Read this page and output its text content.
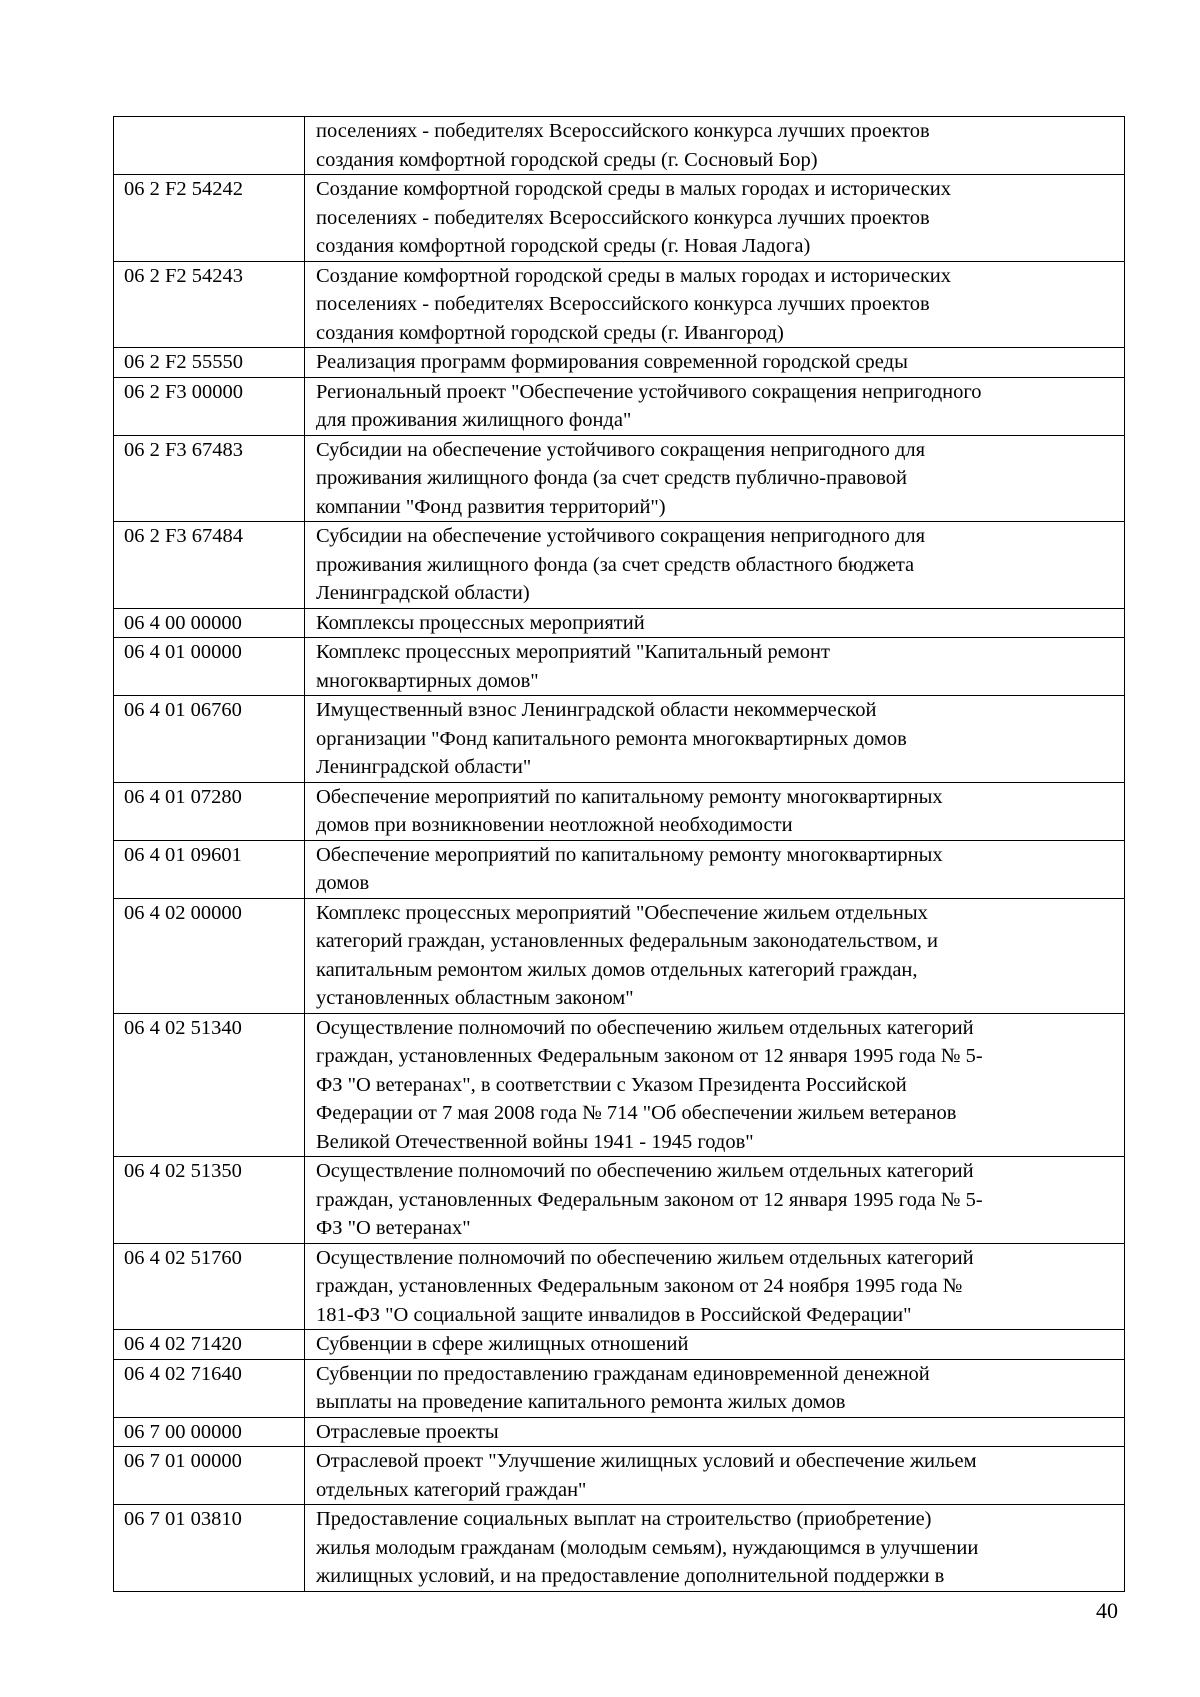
	поселениях - победителях Всероссийского конкурса лучших проектов
создания комфортной городской среды (г. Сосновый Бор)

06 2 F2 54242	Создание комфортной городской среды в малых городах и исторических
поселениях - победителях Всероссийского конкурса лучших проектов
создания комфортной городской среды (г. Новая Ладога)

06 2 F2 54243	Создание комфортной городской среды в малых городах и исторических
поселениях - победителях Всероссийского конкурса лучших проектов
создания комфортной городской среды (г. Ивангород)

06 2 F2 55550	Реализация программ формирования современной городской среды

06 2 F3 00000	Региональный проект "Обеспечение устойчивого сокращения непригодного
для проживания жилищного фонда"

06 2 F3 67483	Субсидии на обеспечение устойчивого сокращения непригодного для
проживания жилищного фонда (за счет средств публично-правовой
компании "Фонд развития территорий")

06 2 F3 67484	Субсидии на обеспечение устойчивого сокращения непригодного для
проживания жилищного фонда (за счет средств областного бюджета
Ленинградской области)

06 4 00 00000	Комплексы процессных мероприятий

06 4 01 00000	Комплекс процессных мероприятий "Капитальный ремонт
многоквартирных домов"

06 4 01 06760	Имущественный взнос Ленинградской области некоммерческой
организации "Фонд капитального ремонта многоквартирных домов
Ленинградской области"

06 4 01 07280	Обеспечение мероприятий по капитальному ремонту многоквартирных
домов при возникновении неотложной необходимости

06 4 01 09601	Обеспечение мероприятий по капитальному ремонту многоквартирных
домов

06 4 02 00000	Комплекс процессных мероприятий "Обеспечение жильем отдельных
категорий граждан, установленных федеральным законодательством, и
капитальным ремонтом жилых домов отдельных категорий граждан,
установленных областным законом"

06 4 02 51340	Осуществление полномочий по обеспечению жильем отдельных категорий
граждан, установленных Федеральным законом от 12 января 1995 года № 5-
ФЗ "О ветеранах", в соответствии с Указом Президента Российской
Федерации от 7 мая 2008 года № 714 "Об обеспечении жильем ветеранов
Великой Отечественной войны 1941 - 1945 годов"

06 4 02 51350	Осуществление полномочий по обеспечению жильем отдельных категорий
граждан, установленных Федеральным законом от 12 января 1995 года № 5-
ФЗ "О ветеранах"

06 4 02 51760	Осуществление полномочий по обеспечению жильем отдельных категорий
граждан, установленных Федеральным законом от 24 ноября 1995 года №
181-ФЗ "О социальной защите инвалидов в Российской Федерации"

06 4 02 71420	Субвенции в сфере жилищных отношений

06 4 02 71640	Субвенции по предоставлению гражданам единовременной денежной
выплаты на проведение капитального ремонта жилых домов

06 7 00 00000	Отраслевые проекты

06 7 01 00000	Отраслевой проект "Улучшение жилищных условий и обеспечение жильем
отдельных категорий граждан"

06 7 01 03810	Предоставление социальных выплат на строительство (приобретение)
жилья молодым гражданам (молодым семьям), нуждающимся в улучшении
жилищных условий, и на предоставление дополнительной поддержки в
40
